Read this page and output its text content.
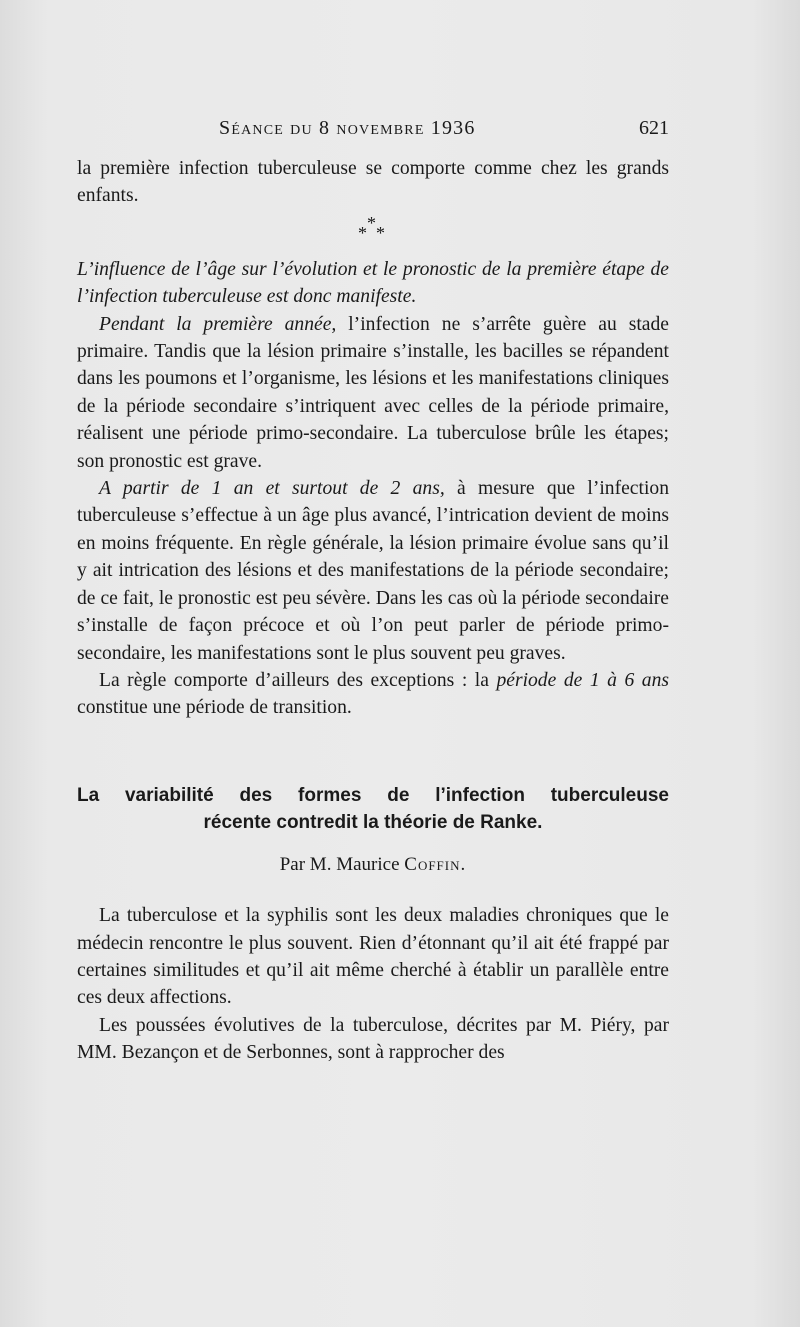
Séance du 8 novembre 1936	621

la première infection tuberculeuse se comporte comme chez les grands enfants.

*
* *

L’influence de l’âge sur l’évolution et le pronostic de la première étape de l’infection tuberculeuse est donc manifeste.

Pendant la première année, l’infection ne s’arrête guère au stade primaire. Tandis que la lésion primaire s’installe, les bacilles se répandent dans les poumons et l’organisme, les lésions et les manifestations cliniques de la période secondaire s’intriquent avec celles de la période primaire, réalisent une période primo-secondaire. La tuberculose brûle les étapes; son pronostic est grave.

A partir de 1 an et surtout de 2 ans, à mesure que l’infection tuberculeuse s’effectue à un âge plus avancé, l’intrication devient de moins en moins fréquente. En règle générale, la lésion primaire évolue sans qu’il y ait intrication des lésions et des manifestations de la période secondaire; de ce fait, le pronostic est peu sévère. Dans les cas où la période secondaire s’installe de façon précoce et où l’on peut parler de période primo-secondaire, les manifestations sont le plus souvent peu graves.

La règle comporte d’ailleurs des exceptions : la période de 1 à 6 ans constitue une période de transition.

La variabilité des formes de l’infection tuberculeuse
récente contredit la théorie de Ranke.
Par M. Maurice Coffin.

La tuberculose et la syphilis sont les deux maladies chroniques que le médecin rencontre le plus souvent. Rien d’étonnant qu’il ait été frappé par certaines similitudes et qu’il ait même cherché à établir un parallèle entre ces deux affections.

Les poussées évolutives de la tuberculose, décrites par M. Piéry, par MM. Bezançon et de Serbonnes, sont à rapprocher des
